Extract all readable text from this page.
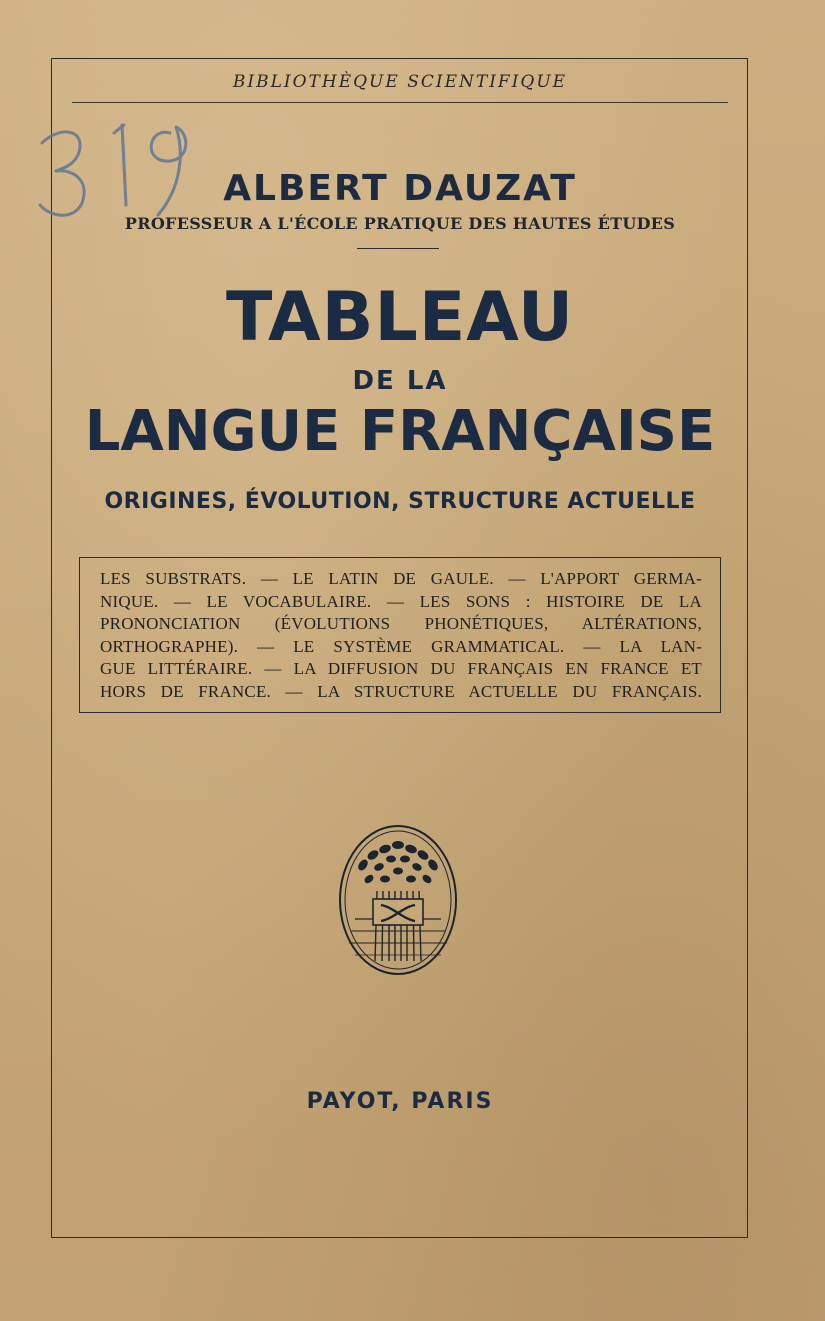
BIBLIOTHÈQUE SCIENTIFIQUE
ALBERT DAUZAT
PROFESSEUR A L'ÉCOLE PRATIQUE DES HAUTES ÉTUDES
TABLEAU
DE LA
LANGUE FRANÇAISE
ORIGINES, ÉVOLUTION, STRUCTURE ACTUELLE
LES SUBSTRATS. — LE LATIN DE GAULE. — L'APPORT GERMA-
NIQUE. — LE VOCABULAIRE. — LES SONS : HISTOIRE DE LA
PRONONCIATION (ÉVOLUTIONS PHONÉTIQUES, ALTÉRATIONS,
ORTHOGRAPHE). — LE SYSTÈME GRAMMATICAL. — LA LAN-
GUE LITTÉRAIRE. — LA DIFFUSION DU FRANÇAIS EN FRANCE ET
HORS DE FRANCE. — LA STRUCTURE ACTUELLE DU FRANÇAIS.
PAYOT, PARIS
